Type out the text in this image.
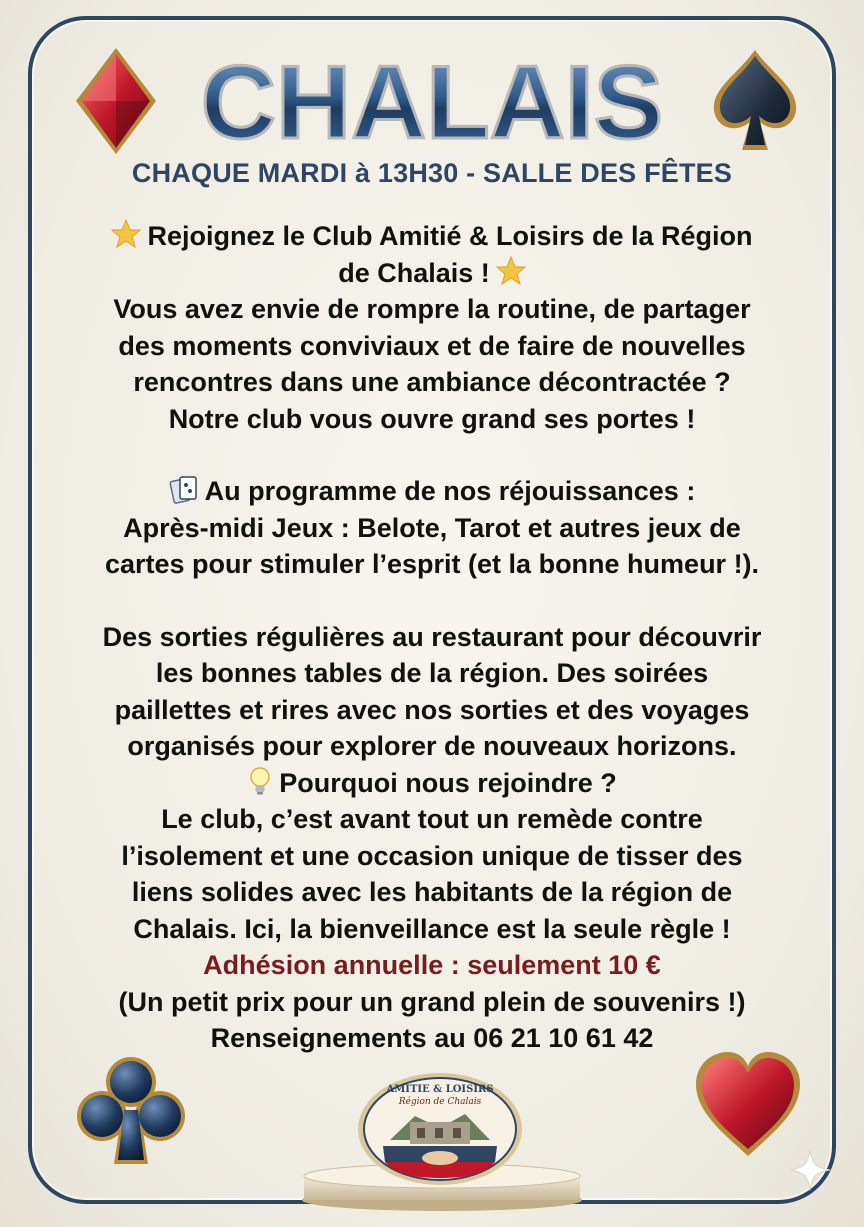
CHALAIS
CHAQUE MARDI à 13H30 - SALLE DES FÊTES

Rejoignez le Club Amitié & Loisirs de la Région

de Chalais !

Vous avez envie de rompre la routine, de partager

des moments conviviaux et de faire de nouvelles

rencontres dans une ambiance décontractée ?

Notre club vous ouvre grand ses portes !

Au programme de nos réjouissances :

Après-midi Jeux : Belote, Tarot et autres jeux de

cartes pour stimuler l’esprit (et la bonne humeur !).

Des sorties régulières au restaurant pour découvrir

les bonnes tables de la région. Des soirées

paillettes et rires avec nos sorties et des voyages

organisés pour explorer de nouveaux horizons.

Pourquoi nous rejoindre ?

Le club, c’est avant tout un remède contre

l’isolement et une occasion unique de tisser des

liens solides avec les habitants de la région de

Chalais. Ici, la bienveillance est la seule règle !

Adhésion annuelle : seulement 10 €

(Un petit prix pour un grand plein de souvenirs !)

Renseignements au 06 21 10 61 42

AMITIE & LOISIRS
Région de Chalais
